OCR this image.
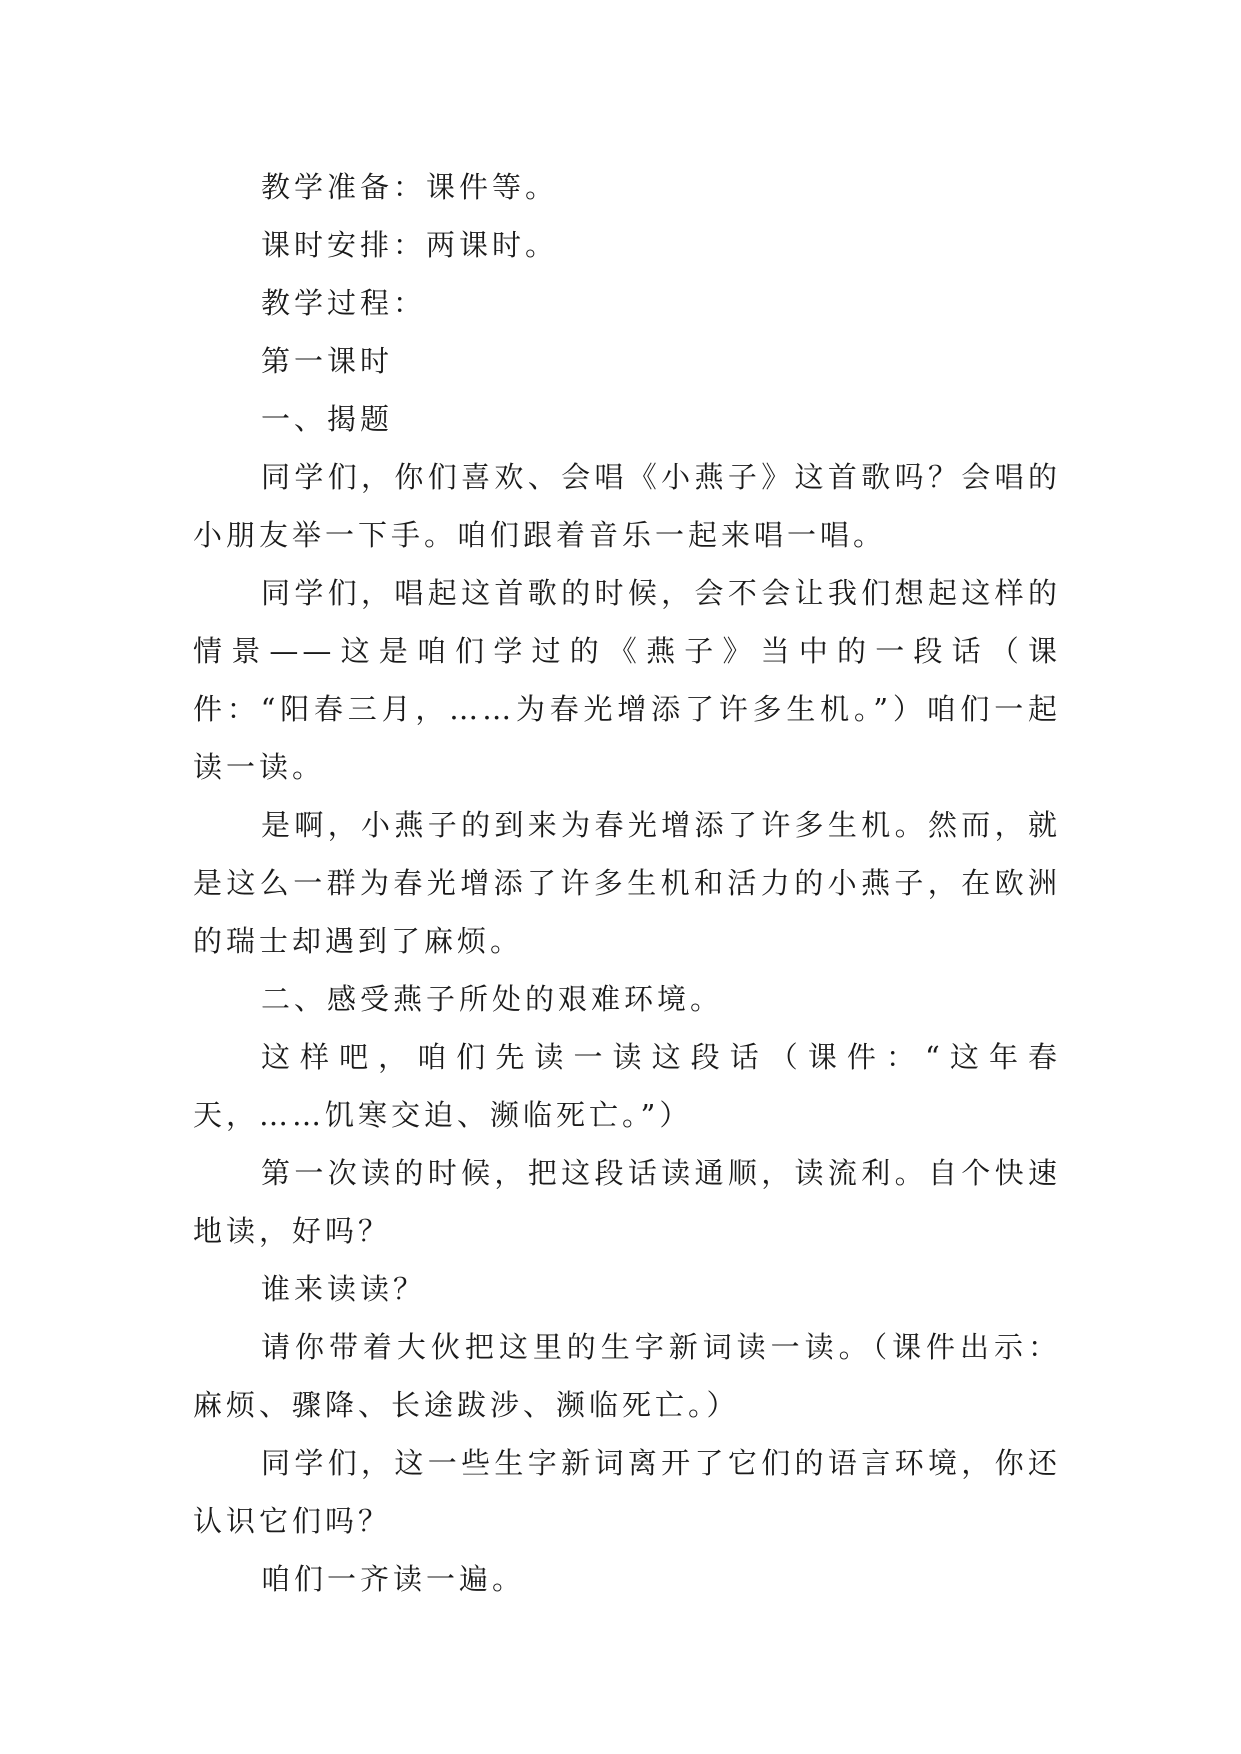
教学准备：课件等。

课时安排：两课时。

教学过程：

第一课时

一、揭题

同学们，你们喜欢、会唱《小燕子》这首歌吗？会唱的小朋友举一下手。咱们跟着音乐一起来唱一唱。

同学们，唱起这首歌的时候，会不会让我们想起这样的情景——这是咱们学过的《燕子》当中的一段话（课件：“阳春三月，……为春光增添了许多生机。”）咱们一起读一读。

是啊，小燕子的到来为春光增添了许多生机。然而，就是这么一群为春光增添了许多生机和活力的小燕子，在欧洲的瑞士却遇到了麻烦。

二、感受燕子所处的艰难环境。

这样吧，咱们先读一读这段话（课件：“这年春天，……饥寒交迫、濒临死亡。”）

第一次读的时候，把这段话读通顺，读流利。自个快速地读，好吗？

谁来读读？

请你带着大伙把这里的生字新词读一读。（课件出示：麻烦、骤降、长途跋涉、濒临死亡。）

同学们，这一些生字新词离开了它们的语言环境，你还认识它们吗？

咱们一齐读一遍。
